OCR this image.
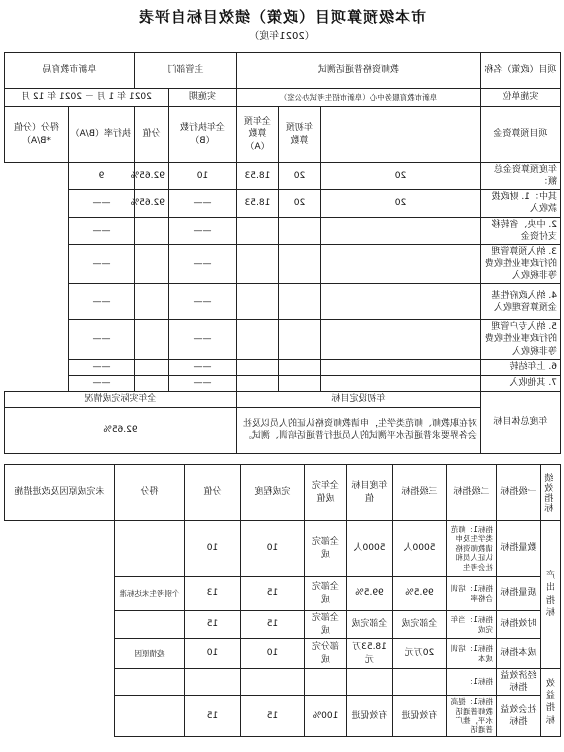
市本级预算项目（政策）绩效目标自评表
（2021年度）
项目（政策）名称	教师资格普通话测试			主管部门		阜新市教育局	
实施单位	阜新市教育服务中心（阜新市招生考试办公室）			实施期	2021 年 1 月 － 2021 年 12 月		
项目预算资金		年初预算数	全年预算数（A）	全年执行数（B）	分值	执行率（B/A）	得分（分值*B/A）
年度预算资金总额：	20	20	18.53	10	92.65%	9	
其中：1. 财政拨款收入	20	20	18.53	——	92.65%	——	
2. 中央、省转移支付资金				——		——	
3. 纳入预算管理的行政事业性收费等非税收入				——		——	
4. 纳入政府性基金预算管理收入				——		——	
5. 纳入专户管理的行政事业性收费等非税收入				——		——	
6. 上年结转				——		——	
7. 其他收入				——		——	
年度总体目标	年初设定目标			全年实际完成情况			
	对在职教师、师范类学生，申请教师资格认证的人员以及社会各界要求普通话水平测试的人员进行普通话培训、测试。			92.65%			
绩效指标	一级指标	二级指标	三级指标	年度目标值	全年完成值	完成程度	分值	得分	未完成原因及改进措施
产出指标	数量指标	指标1：师范类学生及申请教师资格认证人员和社会考生	5000人	5000人	全部完成	10	10		
	质量指标	指标1：培训合格率	99.5%	99.5%	全部完成	15	13	个别考生未达标准	
	时效指标	指标1：当年完成	全部完成	全部完成	全部完成	15	15		
	成本指标	指标1：培训成本	20万元	18.53万元	部分完成	10	10	疫情原因	
效益指标	经济效益指标	指标1：							
	社会效益指标	指标1：提高教师普通话水平，推广普通话	有效促进	有效促进	100%	15	15		
